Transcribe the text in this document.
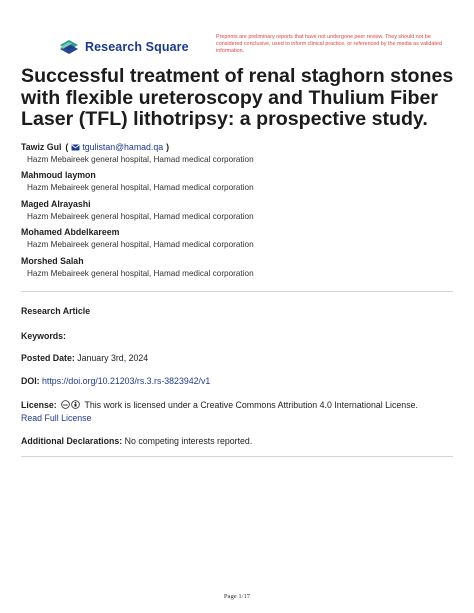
Research Square
Preprints are preliminary reports that have not undergone peer review. They should not be considered conclusive, used to inform clinical practice, or referenced by the media as validated information.
Successful treatment of renal staghorn stones with flexible ureteroscopy and Thulium Fiber Laser (TFL) lithotripsy: a prospective study.
Tawiz Gul ( tgulistan@hamad.qa )
Hazm Mebaireek general hospital, Hamad medical corporation
Mahmoud laymon
Hazm Mebaireek general hospital, Hamad medical corporation
Maged Alrayashi
Hazm Mebaireek general hospital, Hamad medical corporation
Mohamed Abdelkareem
Hazm Mebaireek general hospital, Hamad medical corporation
Morshed Salah
Hazm Mebaireek general hospital, Hamad medical corporation
Research Article
Keywords:
Posted Date: January 3rd, 2024
DOI: https://doi.org/10.21203/rs.3.rs-3823942/v1
License: cc This work is licensed under a Creative Commons Attribution 4.0 International License.
Read Full License
Additional Declarations: No competing interests reported.
Page 1/17
